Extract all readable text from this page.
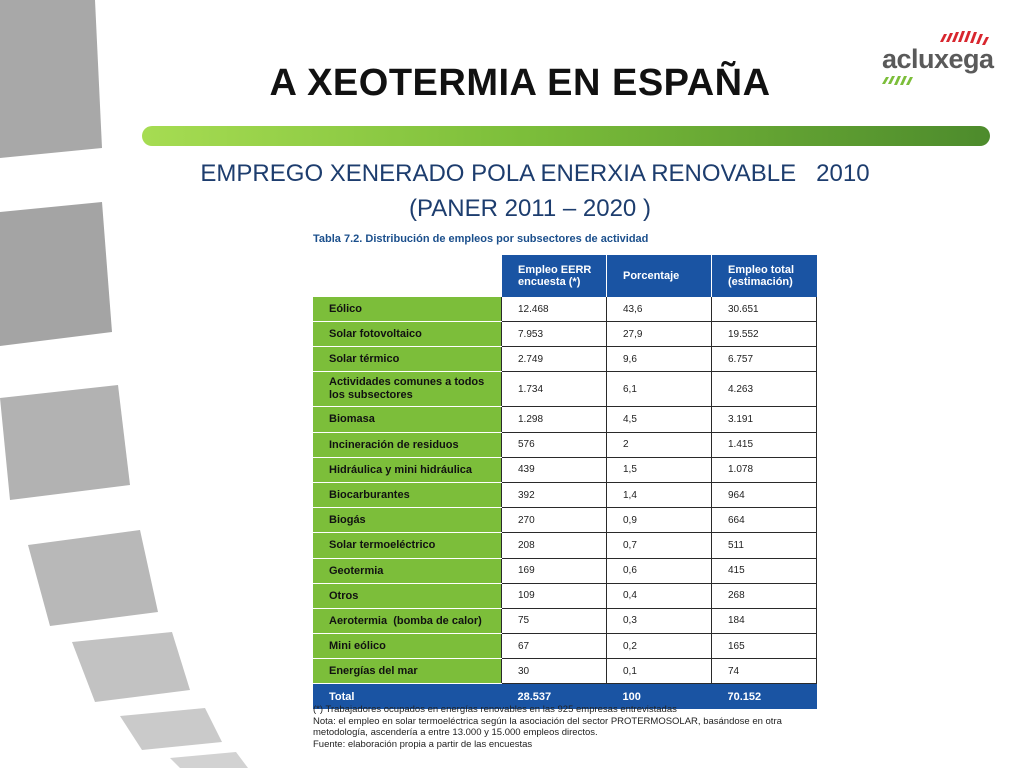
A XEOTERMIA EN ESPAÑA
acluxega
EMPREGO XENERADO POLA ENERXIA RENOVABLE   2010
(PANER 2011 – 2020 )
Tabla 7.2. Distribución de empleos por subsectores de actividad
	Empleo EERR encuesta (*)	Porcentaje	Empleo total (estimación)
Eólico	12.468	43,6	30.651
Solar fotovoltaico	7.953	27,9	19.552
Solar térmico	2.749	9,6	6.757
Actividades comunes a todos los subsectores	1.734	6,1	4.263
Biomasa	1.298	4,5	3.191
Incineración de residuos	576	2	1.415
Hidráulica y mini hidráulica	439	1,5	1.078
Biocarburantes	392	1,4	964
Biogás	270	0,9	664
Solar termoeléctrico	208	0,7	511
Geotermia	169	0,6	415
Otros	109	0,4	268
Aerotermia  (bomba de calor)	75	0,3	184
Mini eólico	67	0,2	165
Energías del mar	30	0,1	74
Total	28.537	100	70.152
(*) Trabajadores ocupados en energías renovables en las 925 empresas entrevistadas
Nota: el empleo en solar termoeléctrica según la asociación del sector PROTERMOSOLAR, basándose en otra
metodología, ascendería a entre 13.000 y 15.000 empleos directos.
Fuente: elaboración propia a partir de las encuestas
